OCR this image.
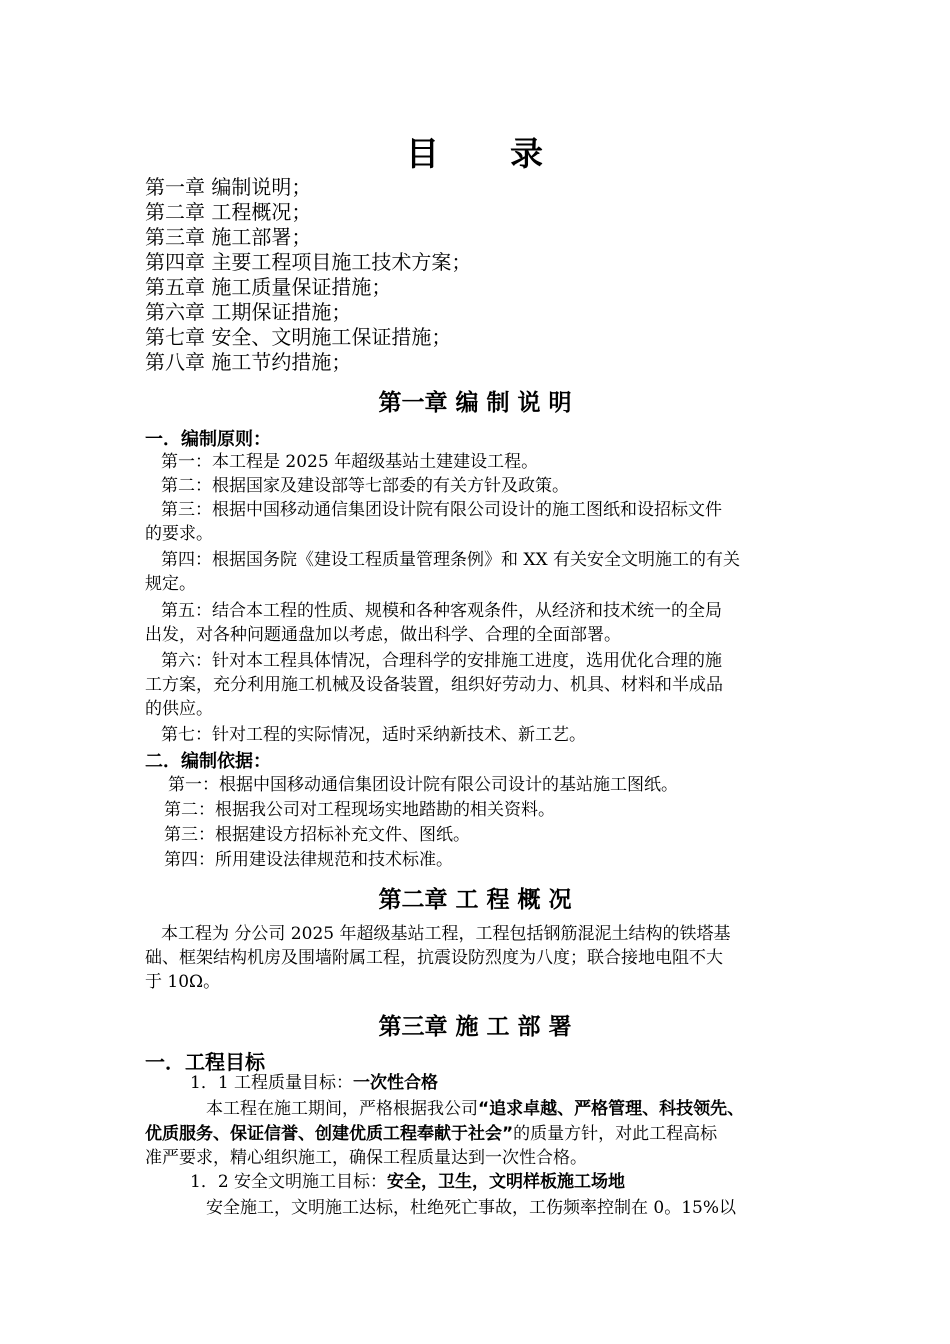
目 录
第一章 编制说明；
第二章 工程概况；
第三章 施工部署；
第四章 主要工程项目施工技术方案；
第五章 施工质量保证措施；
第六章 工期保证措施；
第七章 安全、文明施工保证措施；
第八章 施工节约措施；
第一章 编 制 说 明
一．编制原则：
第一：本工程是 2025 年超级基站土建建设工程。
第二：根据国家及建设部等七部委的有关方针及政策。
第三：根据中国移动通信集团设计院有限公司设计的施工图纸和设招标文件
的要求。
第四：根据国务院《建设工程质量管理条例》和 XX 有关安全文明施工的有关
规定。
第五：结合本工程的性质、规模和各种客观条件，从经济和技术统一的全局
出发，对各种问题通盘加以考虑，做出科学、合理的全面部署。
第六：针对本工程具体情况，合理科学的安排施工进度，选用优化合理的施
工方案，充分利用施工机械及设备装置，组织好劳动力、机具、材料和半成品
的供应。
第七：针对工程的实际情况，适时采纳新技术、新工艺。
二．编制依据：
第一：根据中国移动通信集团设计院有限公司设计的基站施工图纸。
第二：根据我公司对工程现场实地踏勘的相关资料。
第三：根据建设方招标补充文件、图纸。
第四：所用建设法律规范和技术标准。
第二章 工 程 概 况
本工程为 分公司 2025 年超级基站工程，工程包括钢筋混泥土结构的铁塔基
础、框架结构机房及围墙附属工程，抗震设防烈度为八度；联合接地电阻不大
于 10Ω。
第三章 施 工 部 署
一．工程目标
1．1 工程质量目标：一次性合格
本工程在施工期间，严格根据我公司“追求卓越、严格管理、科技领先、
优质服务、保证信誉、创建优质工程奉献于社会”的质量方针，对此工程高标
准严要求，精心组织施工，确保工程质量达到一次性合格。
1．2 安全文明施工目标：安全，卫生，文明样板施工场地
安全施工，文明施工达标，杜绝死亡事故，工伤频率控制在 0。15%以
